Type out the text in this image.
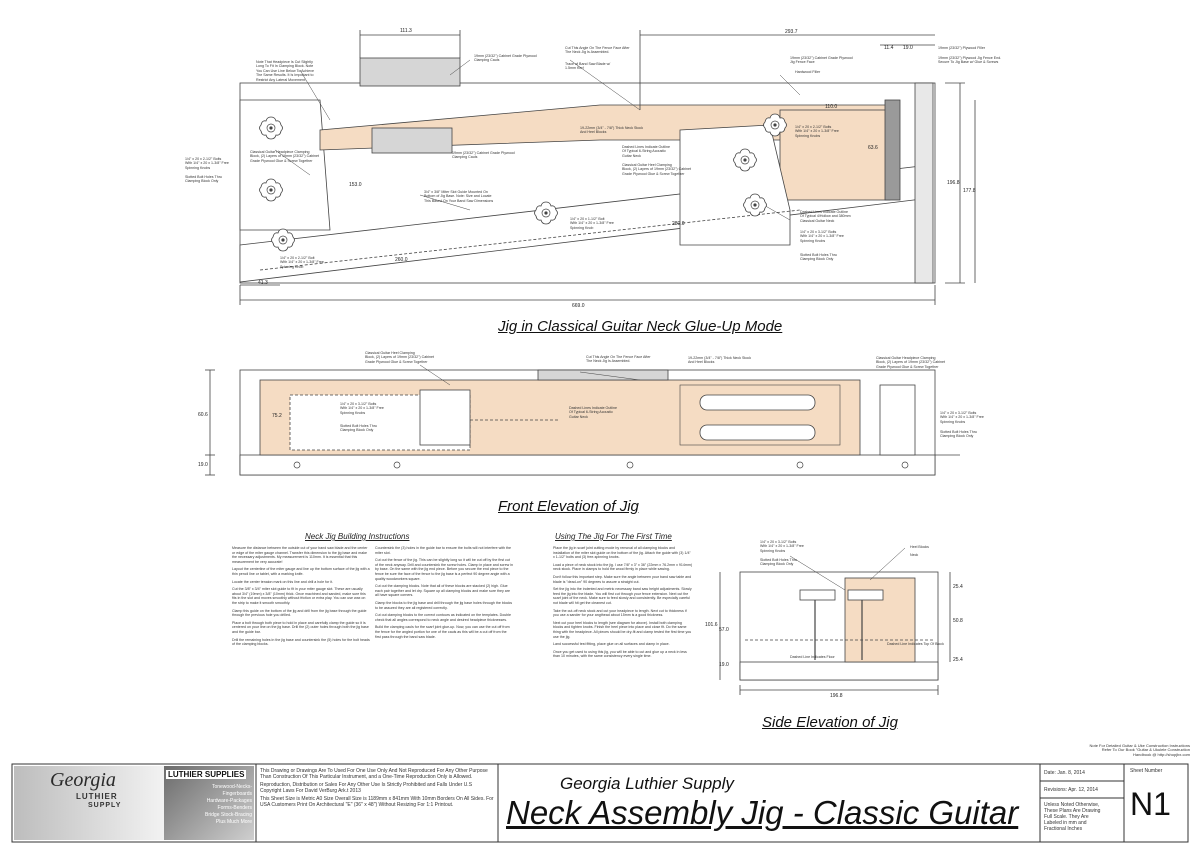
Jig in Classical Guitar Neck Glue-Up Mode
Front Elevation of Jig
Side Elevation of Jig
669.0
293.7
111.3
11.4 19.0
110.0
280.0
260.0
41.3
196.8
177.8
153.0
63.6
60.6	75.2
19.0
196.8
101.6
57.0
25.4
50.8
25.4
19.0
Note That Headpiece Is Cut Slightly
Long To Fit In Clamping Block. Note
You Can Use Line Below To Achieve
The Same Results. It Is Important to
Restrict Any Lateral Movement.
19mm (23/32") Cabinet Grade Plywood
Clamping Cauls
Cut This Angle On The Fence Face After
The Neck Jig Is Assembled.
Trace of Band Saw Blade w/
1.5mm Kerf
19mm (23/32") Cabinet Grade Plywood
Jig Fence Face
Hardwood Filler
19mm (23/32") Plywood Filler
19mm (23/32") Plywood Jig Fence End.
Secure To Jig Base w/ Glue & Screws
1/4" x 20 x 2-1/2" Bolts
With 1/4" x 20 x 1-3/8" Free
Spinning Knobs
Classical Guitar Headpiece Clamping
Block, (2) Layers of 19mm (23/32") Cabinet
Grade Plywood Glue & Screw Together
Slotted Bolt Holes Thru
Clamping Block Only
19-22mm (3/4" - 7/8") Thick Neck Stock
And Heel Blocks
19mm (23/32") Cabinet Grade Plywood
Clamping Cauls
Dashed Lines Indicate Outline
Of Typical 6-String Acoustic
Guitar Neck
Classical Guitar Heel Clamping
Block, (2) Layers of 19mm (23/32") Cabinet
Grade Plywood Glue & Screw Together
3/4" x 3/8" Miter Slot Guide Mounted On
Bottom of Jig Base. Note: Size and Locate
This Based On Your Band Saw Dimensions
1/4" x 20 x 2-1/2" Bolts
With 1/4" x 20 x 1-3/8" Free
Spinning Knobs
Dashed Lines Indicate Outline
Of Typical 4/Hollow and 380mm
Classical Guitar Neck
1/4" x 20 x 3-1/2" Bolts
With 1/4" x 20 x 1-3/8" Free
Spinning Knobs
Slotted Bolt Holes Thru
Clamping Block Only
1/4" x 20 x 1-1/2" Bolt
With 1/4" x 20 x 1-3/8" Free
Spinning Knob
1/4" x 20 x 2-1/2" Bolt
With 1/4" x 20 x 1-3/8" Free
Spinning Knob
Classical Guitar Heel Clamping
Block, (2) Layers of 19mm (23/32") Cabinet
Grade Plywood Glue & Screw Together
Cut This Angle On The Fence Face After
The Neck Jig Is Assembled.
19-22mm (3/4" - 7/8") Thick Neck Stock
And Heel Blocks
Classical Guitar Headpiece Clamping
Block, (2) Layers of 19mm (23/32") Cabinet
Grade Plywood Glue & Screw Together
1/4" x 20 x 3-1/2" Bolts
With 1/4" x 20 x 1-3/8" Free
Spinning Knobs
Slotted Bolt Holes Thru
Clamping Block Only
Dashed Lines Indicate Outline
Of Typical 6-String Acoustic
Guitar Neck
1/4" x 20 x 3-1/2" Bolts
With 1/4" x 20 x 1-3/8" Free
Spinning Knobs
Slotted Bolt Holes Thru
Clamping Block Only
1/4" x 20 x 3-1/2" Bolts
With 1/4" x 20 x 1-3/8" Free
Spinning Knobs
Slotted Bolt Holes Thru
Clamping Block Only
Heel Blocks
Neck
Dashed Line Indicates Top Of Block
Dashed Line Indicates Floor
Neck Jig Building Instructions

Measure the distance between the outside cut of your band saw blade and the center or edge of the miter gauge channel. Transfer this dimension to the jig base and make the necessary adjustments. My measurement is 110mm. It is essential that this measurement be very accurate!

Layout the centerline of the miter gauge and line up the bottom surface of the jig with a thin pencil line or tablet, with a marking knife.

Locate the center tenaion mark on this line and drill a hole for it.

Cut the 3/8" x 3/4" miter slot guide to fit in your miter gauge slot. These are usually about 3/4" (19mm) x 3/8" (10mm) thick. Once machined and sanded, make sure this fits in the slot and moves smoothly without friction or extra play. You can use wax on the strip to make it smooth smoothly.

Clamp this guide on the bottom of the jig and drill from the jig base through the guide through the previous hole you drilled.

Place a bolt through both piece to hold in place and carefully clamp the guide so it is centered on your line on the jig base. Drill the (2) outer holes through both the jig base and the guide bar.

Drill the remaining holes in the jig base and countersink the (5) holes for the bolt heads of the clamping blocks.

Countersink the (3) holes in the guide bar to ensure the bolts will not interfere with the miter slot.

Cut out the fence of the jig. This can be slightly long so it will be cut off by the first cut of the neck anyway. Drill and countersink the screw holes. Clamp in place and screw in by base. On the same with the jig end piece. Before you secure the end piece to the fence be sure the face of the fence to the jig base is a perfect 90 degree angle with a quality woodworkers square.

Cut out the clamping blocks. Note that all of these blocks are stacked (2) high. Glue each pair together and let dry. Square up all clamping blocks and make sure they are all have square corners.

Clamp the blocks to the jig base and drill through the jig base holes through the blocks to be assured they are all registered correctly.

Cut out clamping blocks to the correct contours as indicated on the templates. Double check that all angles correspond to neck angle and desired headpiece thicknesses.

Build the clamping cauls for the scarf joint glue-up. Now, you can use the cut off from the fence for the angled portion for one of the cauls as this will be a cut off from the first pass through the band saw blade.

Using The Jig For The First Time

Place the jig in scarf joint cutting mode by removal of all clamping blocks and installation of the miter slot guide on the bottom of the jig. Attach the guide with (3) 1/4" x 1-1/2" bolts and (3) free-spinning knobs.

Load a piece of neck stock into the jig. I use 7/8" x 3" x 36" (22mm x 76.2mm x 914mm) neck stock. Place in clamps to hold the wood firmly in place while sawing.

Don't follow this important step. Make sure the angle between your band saw table and blade is "dead-on" 90 degrees to assure a straight cut.

Set the jig into the indented and metric necessary band saw height adjustments. Slowly feed the jig into the blade. You will first cut through your fence extension. Next cut the scarf joint of the neck. Make sure to feed slowly and consistently. Be especially careful not blade will hit get the cleanest cut.

Take the cut-off neck stock and cut your headpiece to length. Next cut to thickness if you use a sander for your angthead about 15mm is a good thickness.

Next cut your heel blocks to length (see diagram for above). Install both clamping blocks and tighten knobs. Finish the heel piece into place and close fit. Do the same thing with the headpiece. All pieces should be dry-fit and clamp tested the first time you use the jig.

Land successful test fitting, place glue on all surfaces and clamp in place.

Once you get used to using this jig, you will be able to cut and glue up a neck in less than 10 minutes, with the same consistency every single time.

Note For Detailed Guitar & Uke Construction Instructions
Refer To Our Book "Guitar & Ukulele Construction
Handbook @ http://shopjbx.com
Georgia
LUTHIER
SUPPLY
LUTHIER SUPPLIES
Tonewood-Necks-Fingerboards
Hardware-Packages
Forms-Benders
Bridge Stock-Bracing
Plus Much More

This Drawing or Drawings Are To Used For One Use Only And Not Reproduced For Any Other Purpose Than Construction Of This Particular Instrument, and a One-Time Reproduction Only is Allowed.

Reproduction, Distribution or Sales For Any Other Use Is Strictly Prohibited and Falls Under U.S Copyright Laws For David VerBurg Ark.t 2013

This Sheet Size is Metric A0 Size Overall Size is 1189mm x 841mm With 10mm Borders On All Sides. For USA Customers Print On Architectural "E" (36" x 48") Without Resizing For 1:1 Printout.

Georgia Luthier Supply
Neck Assembly Jig - Classic Guitar
Date: Jan. 8, 2014
Revisions: Apr. 12, 2014
Unless Noted Otherwise,
These Plans Are Drawing
Full Scale. They Are
Labeled in mm and
Fractional Inches
Sheet Number
N1
